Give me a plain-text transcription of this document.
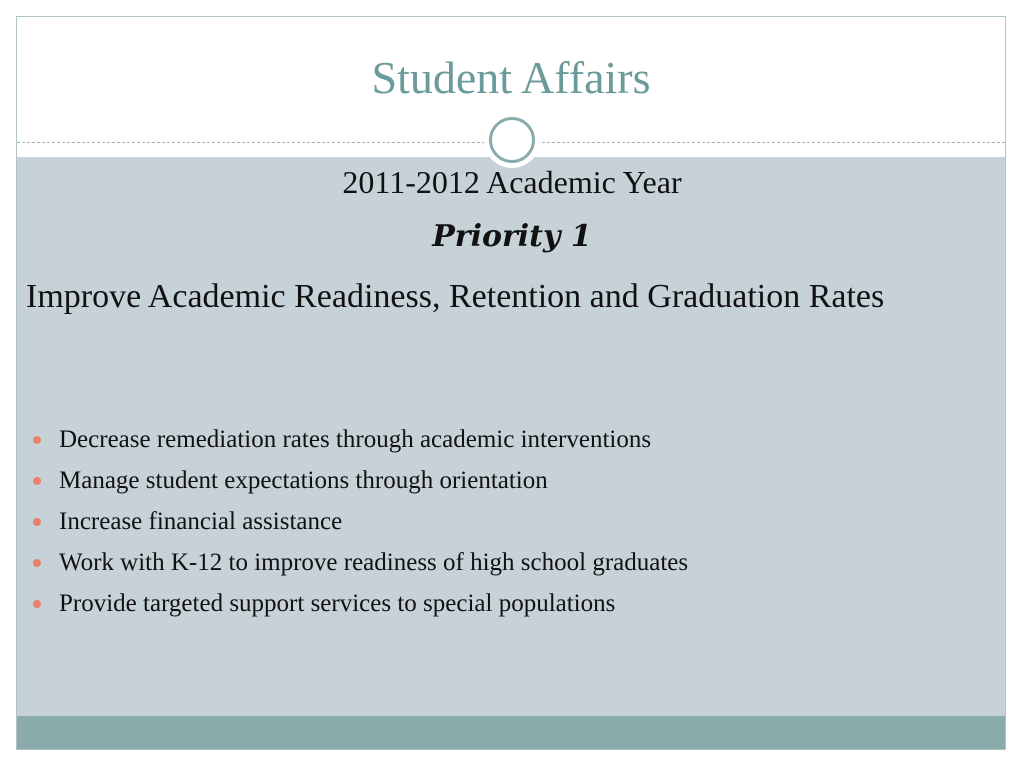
Student Affairs
2011-2012 Academic Year
Priority 1
Improve Academic Readiness, Retention and Graduation Rates
Decrease remediation rates through academic interventions
Manage student expectations through orientation
Increase financial assistance
Work with K-12 to improve readiness of high school graduates
Provide targeted support services to special populations
